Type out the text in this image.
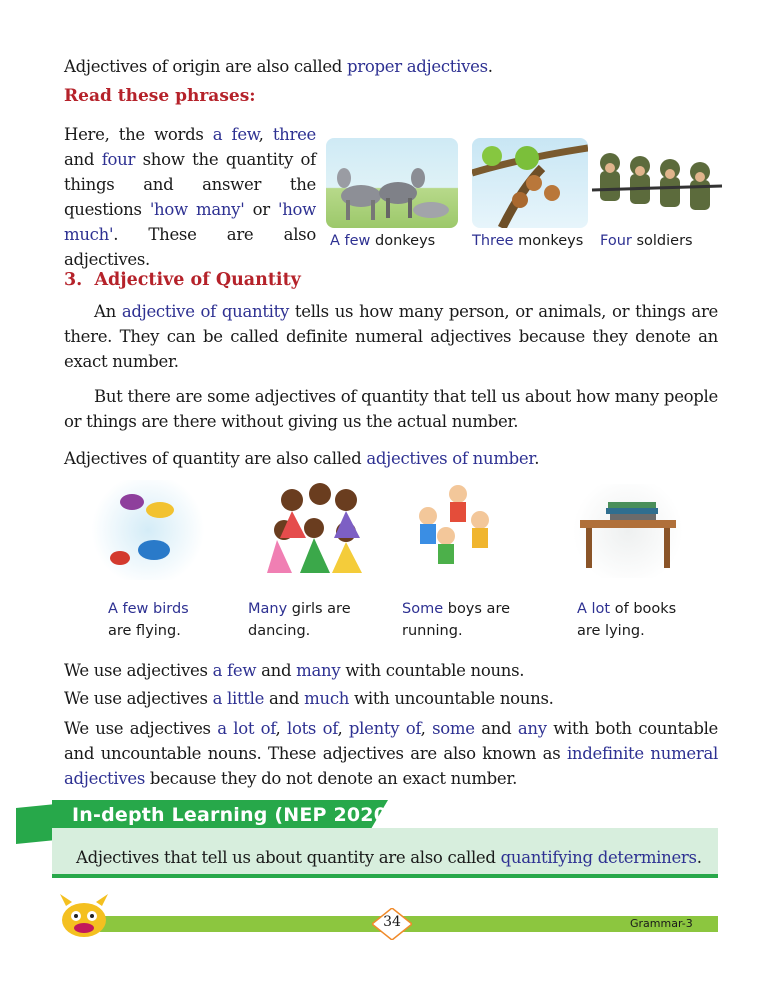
Adjectives of origin are also called proper adjectives.
Read these phrases:
Here, the words a few, three and four show the quantity of things and answer the questions 'how many' or 'how much'. These are also adjectives.
A few donkeys	Three monkeys Four soldiers
3. Adjective of Quantity
An adjective of quantity tells us how many person, or animals, or things are there. They can be called definite numeral adjectives because they denote an exact number.
But there are some adjectives of quantity that tell us about how many people or things are there without giving us the actual number.
Adjectives of quantity are also called adjectives of number.
A few birds
are flying.
Many girls are
dancing.
Some boys are
running.
A lot of books
are lying.
We use adjectives a few and many with countable nouns.
We use adjectives a little and much with uncountable nouns.
We use adjectives a lot of, lots of, plenty of, some and any with both countable and uncountable nouns. These adjectives are also known as indefinite numeral adjectives because they do not denote an exact number.
In-depth Learning (NEP 2020)
Adjectives that tell us about quantity are also called quantifying determiners.
34	Grammar-3
